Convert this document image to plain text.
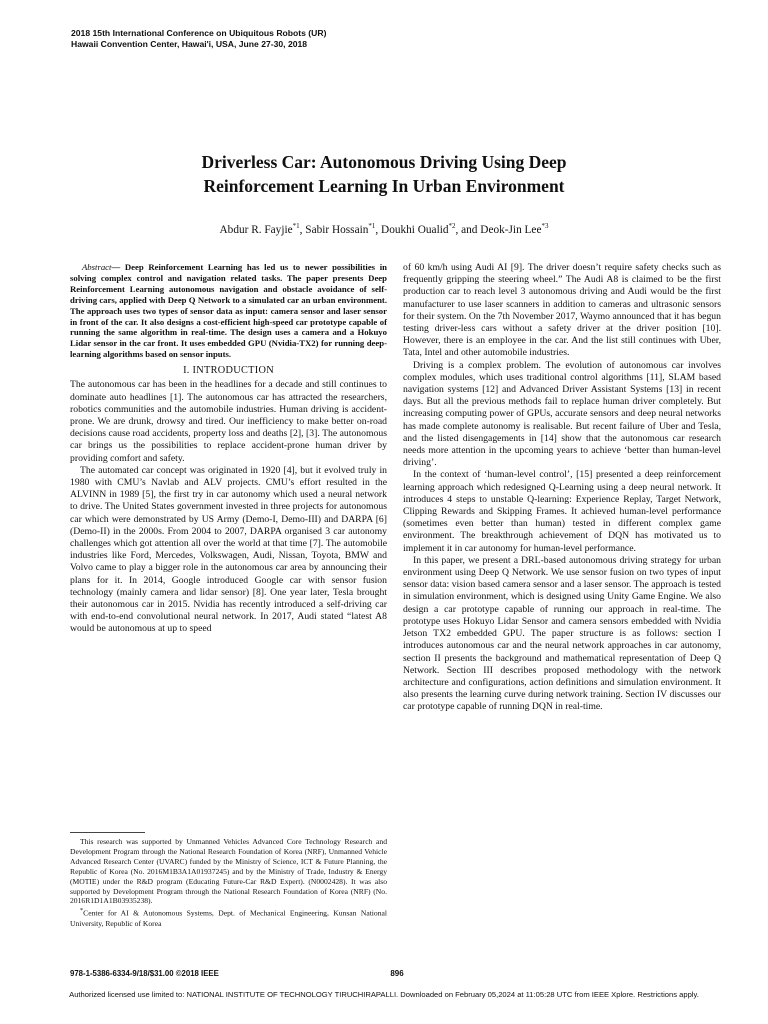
2018 15th International Conference on Ubiquitous Robots (UR)
Hawaii Convention Center, Hawai'i, USA, June 27-30, 2018
Driverless Car: Autonomous Driving Using Deep
Reinforcement Learning In Urban Environment
Abdur R. Fayjie$^{*1}$, Sabir Hossain$^{*1}$, Doukhi Oualid$^{*2}$, and Deok-Jin Lee$^{*3}$

Abstract— Deep Reinforcement Learning has led us to newer possibilities in solving complex control and navigation related tasks. The paper presents Deep Reinforcement Learning autonomous navigation and obstacle avoidance of self-driving cars, applied with Deep Q Network to a simulated car an urban environment. The approach uses two types of sensor data as input: camera sensor and laser sensor in front of the car. It also designs a cost-efficient high-speed car prototype capable of running the same algorithm in real-time. The design uses a camera and a Hokuyo Lidar sensor in the car front. It uses embedded GPU (Nvidia-TX2) for running deep-learning algorithms based on sensor inputs.

I. INTRODUCTION

The autonomous car has been in the headlines for a decade and still continues to dominate auto headlines [1]. The autonomous car has attracted the researchers, robotics communities and the automobile industries. Human driving is accident-prone. We are drunk, drowsy and tired. Our inefficiency to make better on-road decisions cause road accidents, property loss and deaths [2], [3]. The autonomous car brings us the possibilities to replace accident-prone human driver by providing comfort and safety.

The automated car concept was originated in 1920 [4], but it evolved truly in 1980 with CMU’s Navlab and ALV projects. CMU’s effort resulted in the ALVINN in 1989 [5], the first try in car autonomy which used a neural network to drive. The United States government invested in three projects for autonomous car which were demonstrated by US Army (Demo-I, Demo-III) and DARPA [6] (Demo-II) in the 2000s. From 2004 to 2007, DARPA organised 3 car autonomy challenges which got attention all over the world at that time [7]. The automobile industries like Ford, Mercedes, Volkswagen, Audi, Nissan, Toyota, BMW and Volvo came to play a bigger role in the autonomous car area by announcing their plans for it. In 2014, Google introduced Google car with sensor fusion technology (mainly camera and lidar sensor) [8]. One year later, Tesla brought their autonomous car in 2015. Nvidia has recently introduced a self-driving car with end-to-end convolutional neural network. In 2017, Audi stated “latest A8 would be autonomous at up to speed

This research was supported by Unmanned Vehicles Advanced Core Technology Research and Development Program through the National Research Foundation of Korea (NRF), Unmanned Vehicle Advanced Research Center (UVARC) funded by the Ministry of Science, ICT & Future Planning, the Republic of Korea (No. 2016M1B3A1A01937245) and by the Ministry of Trade, Industry & Energy (MOTIE) under the R&D program (Educating Future-Car R&D Expert). (N0002428). It was also supported by Development Program through the National Research Foundation of Korea (NRF) (No. 2016R1D1A1B03935238).

*Center for AI & Autonomous Systems, Dept. of Mechanical Engineering, Kunsan National University, Republic of Korea

of 60 km/h using Audi AI [9]. The driver doesn’t require safety checks such as frequently gripping the steering wheel.” The Audi A8 is claimed to be the first production car to reach level 3 autonomous driving and Audi would be the first manufacturer to use laser scanners in addition to cameras and ultrasonic sensors for their system. On the 7th November 2017, Waymo announced that it has begun testing driver-less cars without a safety driver at the driver position [10]. However, there is an employee in the car. And the list still continues with Uber, Tata, Intel and other automobile industries.

Driving is a complex problem. The evolution of autonomous car involves complex modules, which uses traditional control algorithms [11], SLAM based navigation systems [12] and Advanced Driver Assistant Systems [13] in recent days. But all the previous methods fail to replace human driver completely. But increasing computing power of GPUs, accurate sensors and deep neural networks has made complete autonomy is realisable. But recent failure of Uber and Tesla, and the listed disengagements in [14] show that the autonomous car research needs more attention in the upcoming years to achieve ‘better than human-level driving’.

In the context of ‘human-level control’, [15] presented a deep reinforcement learning approach which redesigned Q-Learning using a deep neural network. It introduces 4 steps to unstable Q-learning: Experience Replay, Target Network, Clipping Rewards and Skipping Frames. It achieved human-level performance (sometimes even better than human) tested in different complex game environment. The breakthrough achievement of DQN has motivated us to implement it in car autonomy for human-level performance.

In this paper, we present a DRL-based autonomous driving strategy for urban environment using Deep Q Network. We use sensor fusion on two types of input sensor data: vision based camera sensor and a laser sensor. The approach is tested in simulation environment, which is designed using Unity Game Engine. We also design a car prototype capable of running our approach in real-time. The prototype uses Hokuyo Lidar Sensor and camera sensors embedded with Nvidia Jetson TX2 embedded GPU. The paper structure is as follows: section I introduces autonomous car and the neural network approaches in car autonomy, section II presents the background and mathematical representation of Deep Q Network. Section III describes proposed methodology with the network architecture and configurations, action definitions and simulation environment. It also presents the learning curve during network training. Section IV discusses our car prototype capable of running DQN in real-time.

978-1-5386-6334-9/18/$31.00 ©2018 IEEE	896
Authorized licensed use limited to: NATIONAL INSTITUTE OF TECHNOLOGY TIRUCHIRAPALLI. Downloaded on February 05,2024 at 11:05:28 UTC from IEEE Xplore. Restrictions apply.
